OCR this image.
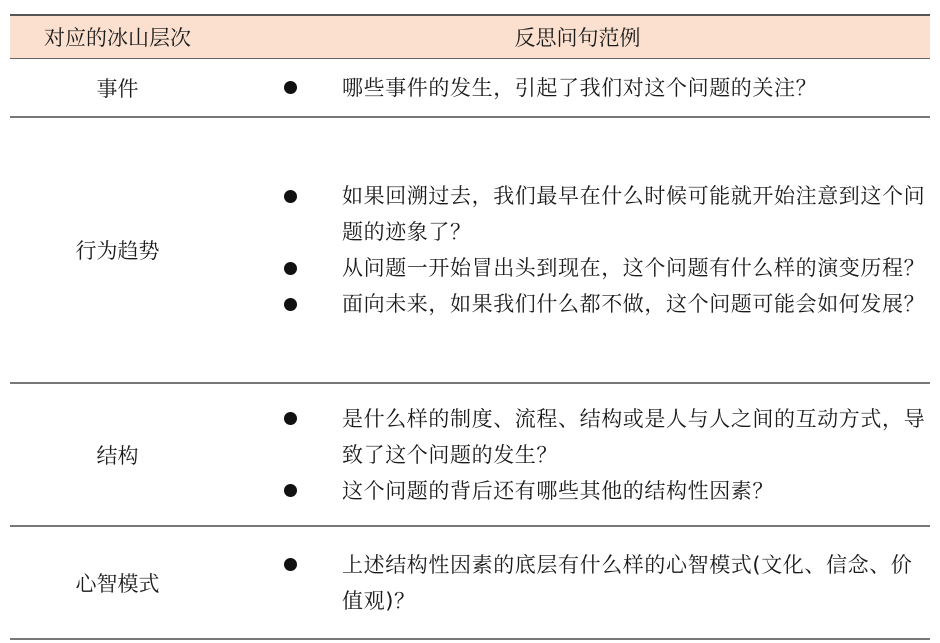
对应的冰山层次	反思问句范例
事件	哪些事件的发生，引起了我们对这个问题的关注？
行为趋势
如果回溯过去，我们最早在什么时候可能就开始注意到这个问题的迹象了？
从问题一开始冒出头到现在，这个问题有什么样的演变历程？
面向未来，如果我们什么都不做，这个问题可能会如何发展？
结构
是什么样的制度、流程、结构或是人与人之间的互动方式，导致了这个问题的发生？
这个问题的背后还有哪些其他的结构性因素？
心智模式
上述结构性因素的底层有什么样的心智模式(文化、信念、价值观)？
